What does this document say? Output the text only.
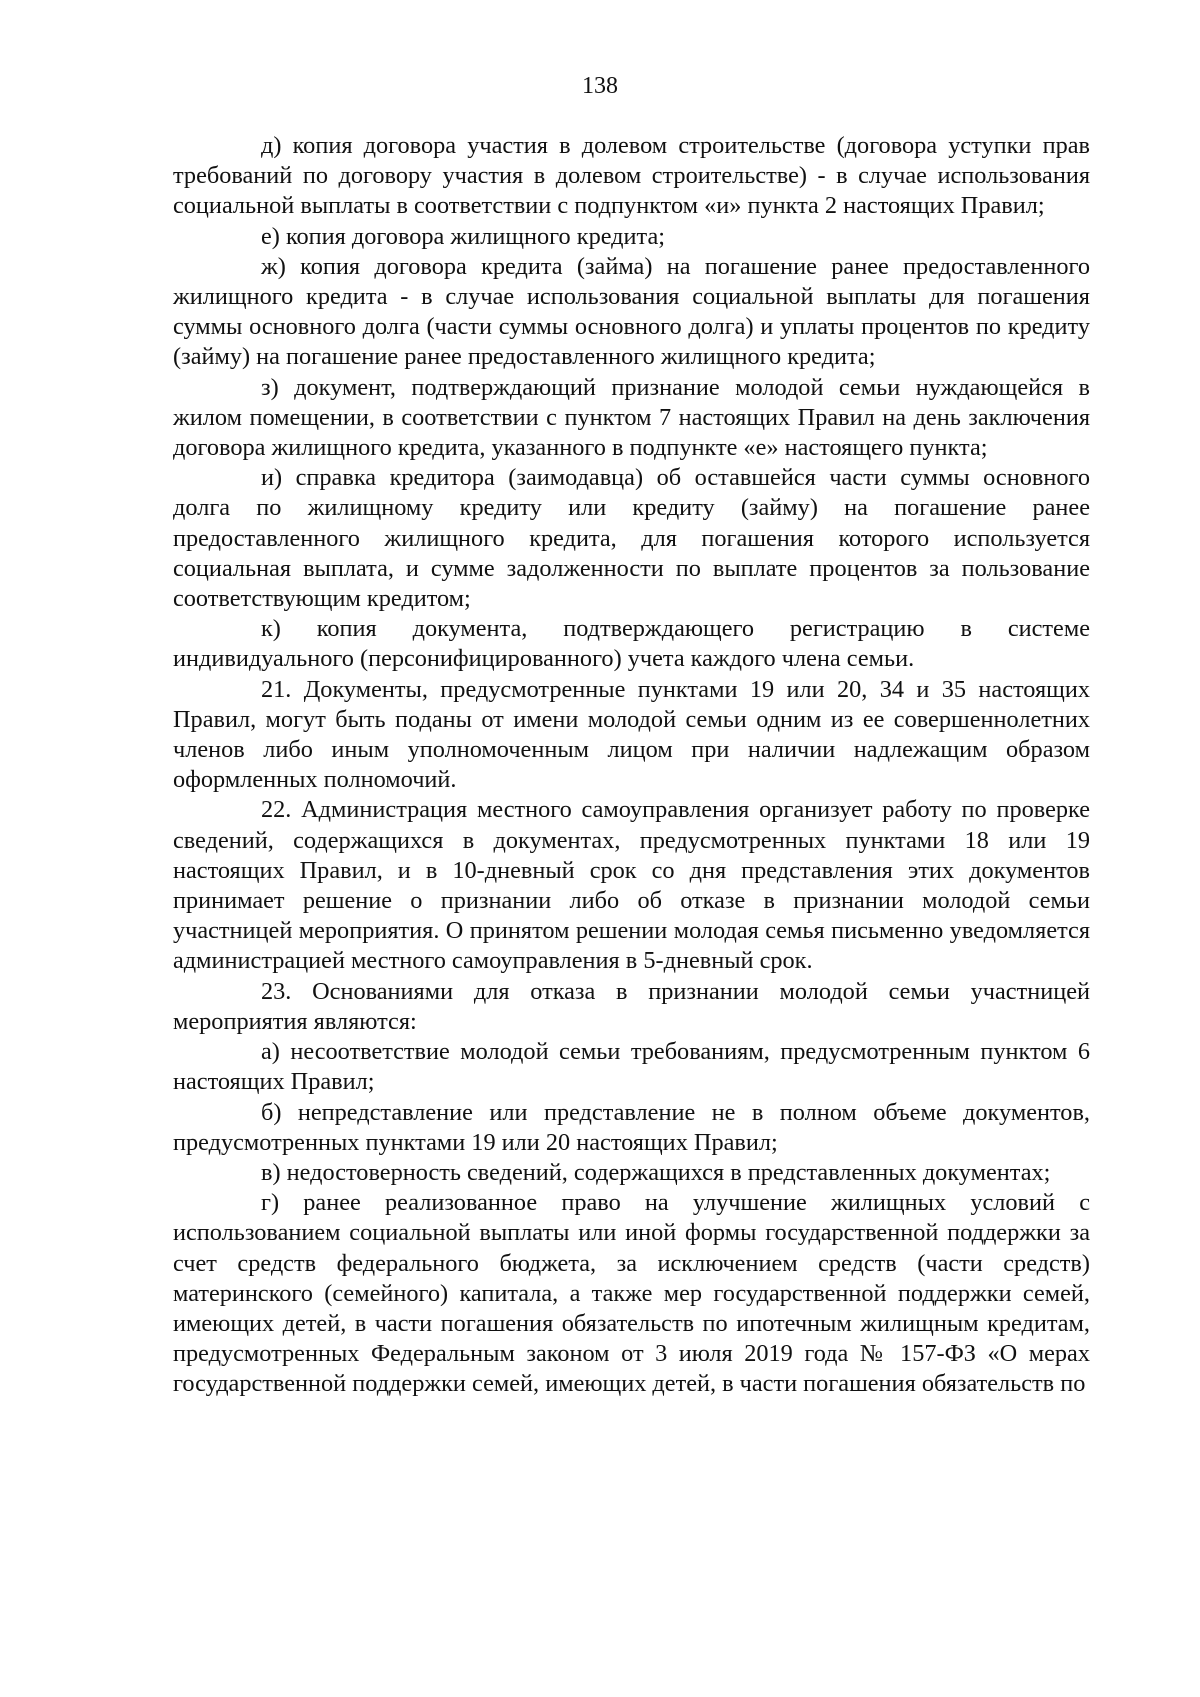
138

д) копия договора участия в долевом строительстве (договора уступки прав требований по договору участия в долевом строительстве) - в случае использования социальной выплаты в соответствии с подпунктом «и» пункта 2 настоящих Правил;

е) копия договора жилищного кредита;

ж) копия договора кредита (займа) на погашение ранее предоставленного жилищного кредита - в случае использования социальной выплаты для погашения суммы основного долга (части суммы основного долга) и уплаты процентов по кредиту (займу) на погашение ранее предоставленного жилищного кредита;

з) документ, подтверждающий признание молодой семьи нуждающейся в жилом помещении, в соответствии с пунктом 7 настоящих Правил на день заключения договора жилищного кредита, указанного в подпункте «е» настоящего пункта;

и) справка кредитора (заимодавца) об оставшейся части суммы основного долга по жилищному кредиту или кредиту (займу) на погашение ранее предоставленного жилищного кредита, для погашения которого используется социальная выплата, и сумме задолженности по выплате процентов за пользование соответствующим кредитом;

к) копия документа, подтверждающего регистрацию в системе индивидуального (персонифицированного) учета каждого члена семьи.

21. Документы, предусмотренные пунктами 19 или 20, 34 и 35 настоящих Правил, могут быть поданы от имени молодой семьи одним из ее совершеннолетних членов либо иным уполномоченным лицом при наличии надлежащим образом оформленных полномочий.

22. Администрация местного самоуправления организует работу по проверке сведений, содержащихся в документах, предусмотренных пунктами 18 или 19 настоящих Правил, и в 10-дневный срок со дня представления этих документов принимает решение о признании либо об отказе в признании молодой семьи участницей мероприятия. О принятом решении молодая семья письменно уведомляется администрацией местного самоуправления в 5-дневный срок.

23. Основаниями для отказа в признании молодой семьи участницей мероприятия являются:

а) несоответствие молодой семьи требованиям, предусмотренным пунктом 6 настоящих Правил;

б) непредставление или представление не в полном объеме документов, предусмотренных пунктами 19 или 20 настоящих Правил;

в) недостоверность сведений, содержащихся в представленных документах;

г) ранее реализованное право на улучшение жилищных условий с использованием социальной выплаты или иной формы государственной поддержки за счет средств федерального бюджета, за исключением средств (части средств) материнского (семейного) капитала, а также мер государственной поддержки семей, имеющих детей, в части погашения обязательств по ипотечным жилищным кредитам, предусмотренных Федеральным законом от 3 июля 2019 года № 157-ФЗ «О мерах государственной поддержки семей, имеющих детей, в части погашения обязательств по
